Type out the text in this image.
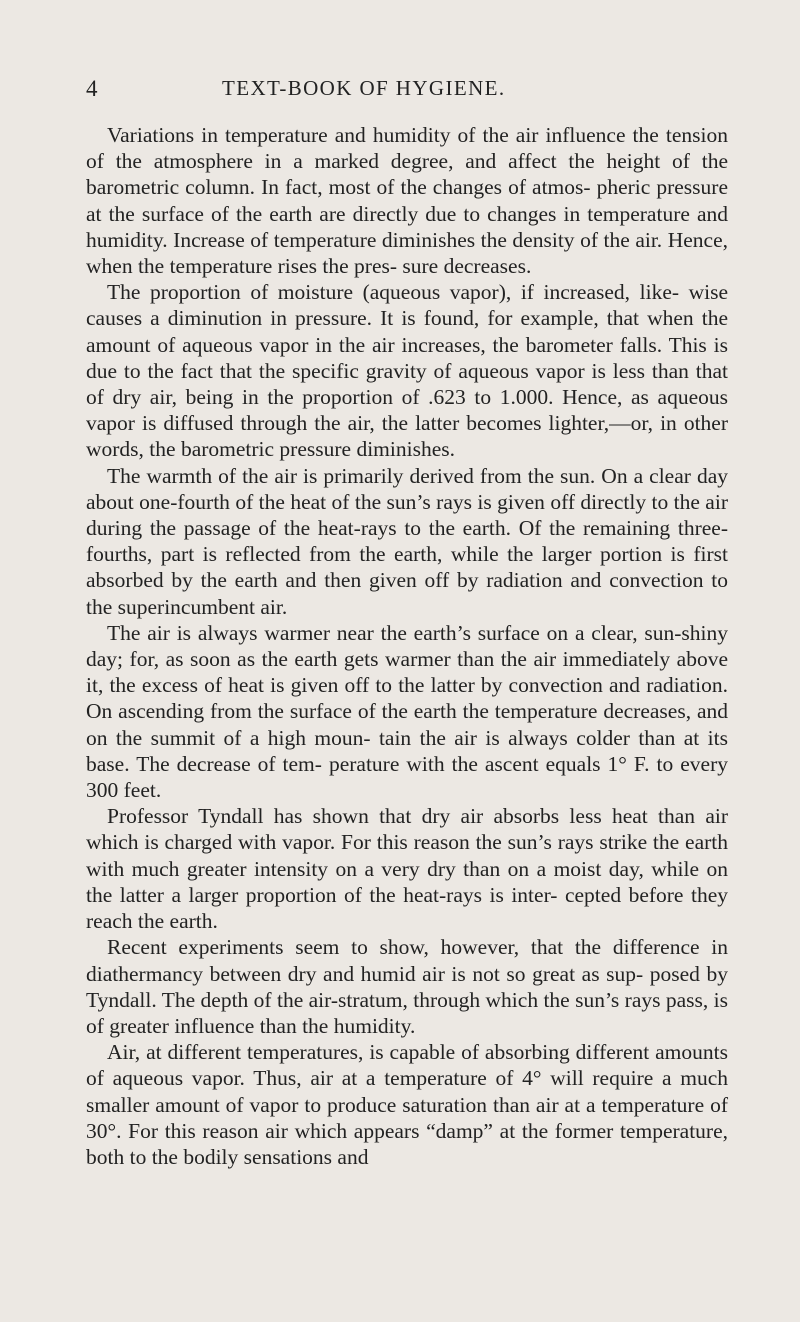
4	TEXT-BOOK OF HYGIENE.

Variations in temperature and humidity of the air influence the tension of the atmosphere in a marked degree, and affect the height of the barometric column. In fact, most of the changes of atmos- pheric pressure at the surface of the earth are directly due to changes in temperature and humidity. Increase of temperature diminishes the density of the air. Hence, when the temperature rises the pres- sure decreases.

The proportion of moisture (aqueous vapor), if increased, like- wise causes a diminution in pressure. It is found, for example, that when the amount of aqueous vapor in the air increases, the barometer falls. This is due to the fact that the specific gravity of aqueous vapor is less than that of dry air, being in the proportion of .623 to 1.000. Hence, as aqueous vapor is diffused through the air, the latter becomes lighter,—or, in other words, the barometric pressure diminishes.

The warmth of the air is primarily derived from the sun. On a clear day about one-fourth of the heat of the sun’s rays is given off directly to the air during the passage of the heat-rays to the earth. Of the remaining three-fourths, part is reflected from the earth, while the larger portion is first absorbed by the earth and then given off by radiation and convection to the superincumbent air.

The air is always warmer near the earth’s surface on a clear, sun-shiny day; for, as soon as the earth gets warmer than the air immediately above it, the excess of heat is given off to the latter by convection and radiation. On ascending from the surface of the earth the temperature decreases, and on the summit of a high moun- tain the air is always colder than at its base. The decrease of tem- perature with the ascent equals 1° F. to every 300 feet.

Professor Tyndall has shown that dry air absorbs less heat than air which is charged with vapor. For this reason the sun’s rays strike the earth with much greater intensity on a very dry than on a moist day, while on the latter a larger proportion of the heat-rays is inter- cepted before they reach the earth.

Recent experiments seem to show, however, that the difference in diathermancy between dry and humid air is not so great as sup- posed by Tyndall. The depth of the air-stratum, through which the sun’s rays pass, is of greater influence than the humidity.

Air, at different temperatures, is capable of absorbing different amounts of aqueous vapor. Thus, air at a temperature of 4° will require a much smaller amount of vapor to produce saturation than air at a temperature of 30°. For this reason air which appears “damp” at the former temperature, both to the bodily sensations and
